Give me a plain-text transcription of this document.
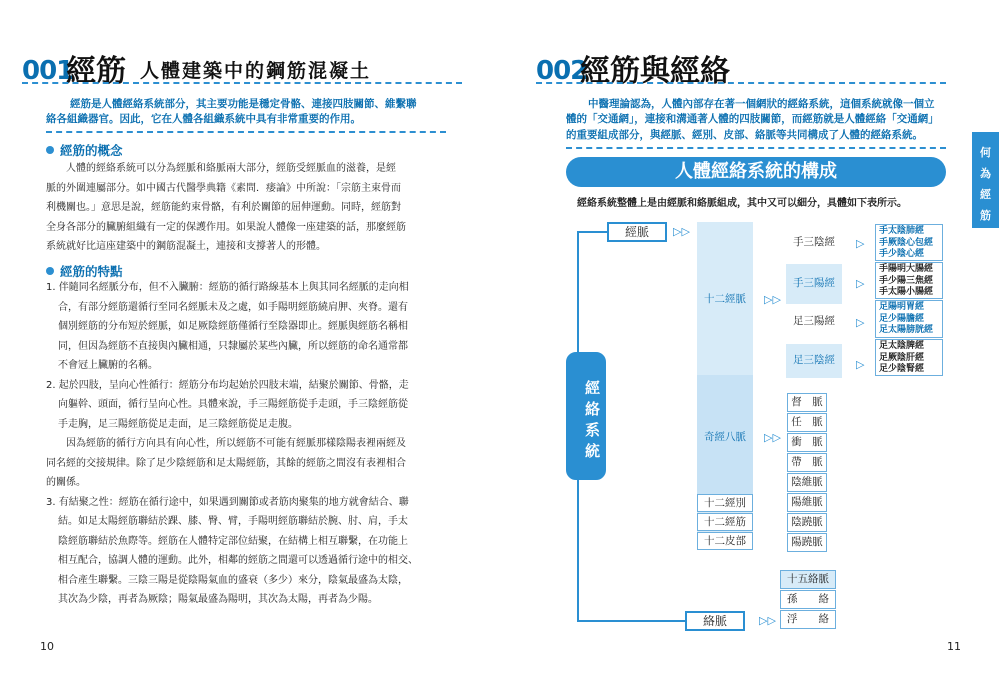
001
經筋 人體建築中的鋼筋混凝土
經筋是人體經絡系統部分，其主要功能是穩定骨骼、連接四肢關節、維繫聯
絡各組織器官。因此，它在人體各組織系統中具有非常重要的作用。
經筋的概念
人體的經絡系統可以分為經脈和絡脈兩大部分，經筋受經脈血的滋養，是經
脈的外圍連屬部分。如中國古代醫學典籍《素問．痿論》中所說：「宗筋主束骨而
利機關也。」意思是說，經筋能約束骨骼，有利於關節的屈伸運動。同時，經筋對
全身各部分的臟腑組織有一定的保護作用。如果說人體像一座建築的話，那麼經筋
系統就好比這座建築中的鋼筋混凝土，連接和支撐著人的形體。
經筋的特點
1. 伴隨同名經脈分布，但不入臟腑：經筋的循行路線基本上與其同名經脈的走向相
合，有部分經筋還循行至同名經脈未及之處，如手陽明經筋繞肩胛、夾脊。還有
個別經筋的分布短於經脈，如足厥陰經筋僅循行至陰器即止。經脈與經筋名稱相
同，但因為經筋不直接與內臟相通，只隸屬於某些內臟，所以經筋的命名通常都
不會冠上臟腑的名稱。
2. 起於四肢，呈向心性循行：經筋分布均起始於四肢末端，結聚於關節、骨骼，走
向軀幹、頭面，循行呈向心性。具體來說，手三陽經筋從手走頭，手三陰經筋從
手走胸，足三陽經筋從足走面，足三陰經筋從足走腹。
因為經筋的循行方向具有向心性，所以經筋不可能有經脈那樣陰陽表裡兩經及
同名經的交接規律。除了足少陰經筋和足太陽經筋，其餘的經筋之間沒有表裡相合
的關係。
3. 有結聚之性：經筋在循行途中，如果遇到關節或者筋肉聚集的地方就會結合、聯
結。如足太陽經筋聯結於踝、膝、臀、臂，手陽明經筋聯結於腕、肘、肩，手太
陰經筋聯結於魚際等。經筋在人體特定部位結聚，在結構上相互聯繫，在功能上
相互配合，協調人體的運動。此外，相鄰的經筋之間還可以透過循行途中的相交、
相合產生聯繫。三陰三陽是從陰陽氣血的盛衰（多少）來分，陰氣最盛為太陰，
其次為少陰，再者為厥陰；陽氣最盛為陽明，其次為太陽，再者為少陽。
10
002
經筋與經絡
中醫理論認為，人體內部存在著一個網狀的經絡系統，這個系統就像一個立
體的「交通網」，連接和溝通著人體的四肢關節，而經筋就是人體經絡「交通網」
的重要組成部分，與經脈、經別、皮部、絡脈等共同構成了人體的經絡系統。
人體經絡系統的構成
經絡系統整體上是由經脈和絡脈組成，其中又可以細分，具體如下表所示。
何
為
經
筋
經絡系統
經脈	▷▷
十二經脈
奇經八脈
十二經別
十二經筋
十二皮部
▷▷
▷▷
手三陰經
手三陽經
足三陽經
足三陰經
▷
▷
▷
▷
手太陰肺經
手厥陰心包經
手少陰心經
手陽明大腸經
手少陽三焦經
手太陽小腸經
足陽明胃經
足少陽膽經
足太陽膀胱經
足太陰脾經
足厥陰肝經
足少陰腎經
督　脈
任　脈
衝　脈
帶　脈
陰維脈
陽維脈
陰蹺脈
陽蹺脈
絡脈	▷▷
十五絡脈
孫　　絡
浮　　絡
11
